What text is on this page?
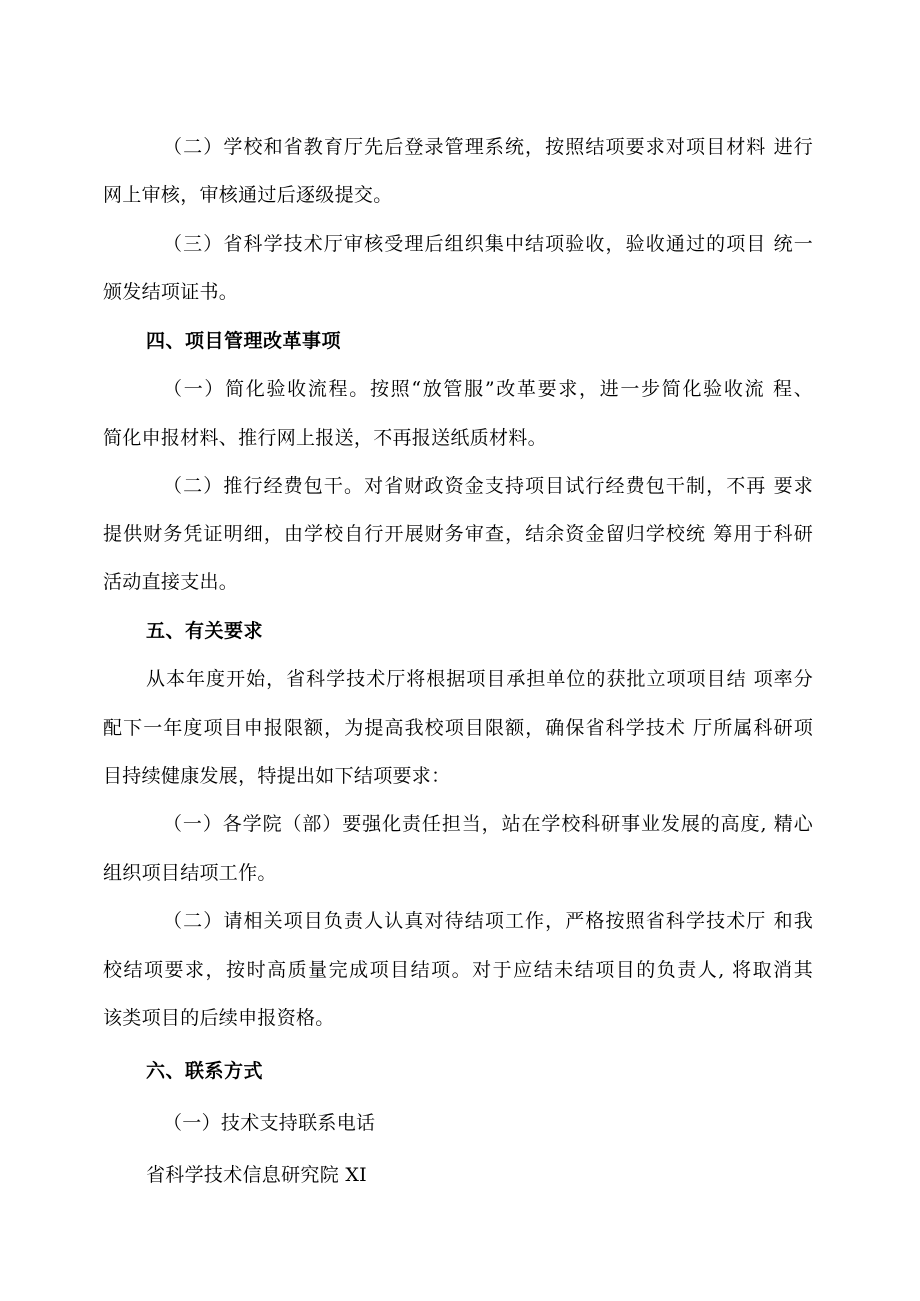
（二）学校和省教育厅先后登录管理系统，按照结项要求对项目材料 进行
网上审核，审核通过后逐级提交。
（三）省科学技术厅审核受理后组织集中结项验收，验收通过的项目 统一
颁发结项证书。
四、项目管理改革事项
（一）简化验收流程。按照“放管服”改革要求，进一步简化验收流 程、
简化申报材料、推行网上报送，不再报送纸质材料。
（二）推行经费包干。对省财政资金支持项目试行经费包干制，不再 要求
提供财务凭证明细，由学校自行开展财务审查，结余资金留归学校统 筹用于科研
活动直接支出。
五、有关要求
从本年度开始，省科学技术厅将根据项目承担单位的获批立项项目结 项率分
配下一年度项目申报限额，为提高我校项目限额，确保省科学技术 厅所属科研项
目持续健康发展，特提出如下结项要求：
（一）各学院（部）要强化责任担当，站在学校科研事业发展的高度, 精心
组织项目结项工作。
（二）请相关项目负责人认真对待结项工作，严格按照省科学技术厅 和我
校结项要求，按时高质量完成项目结项。对于应结未结项目的负责人, 将取消其
该类项目的后续申报资格。
六、联系方式
（一）技术支持联系电话
省科学技术信息研究院 XI
